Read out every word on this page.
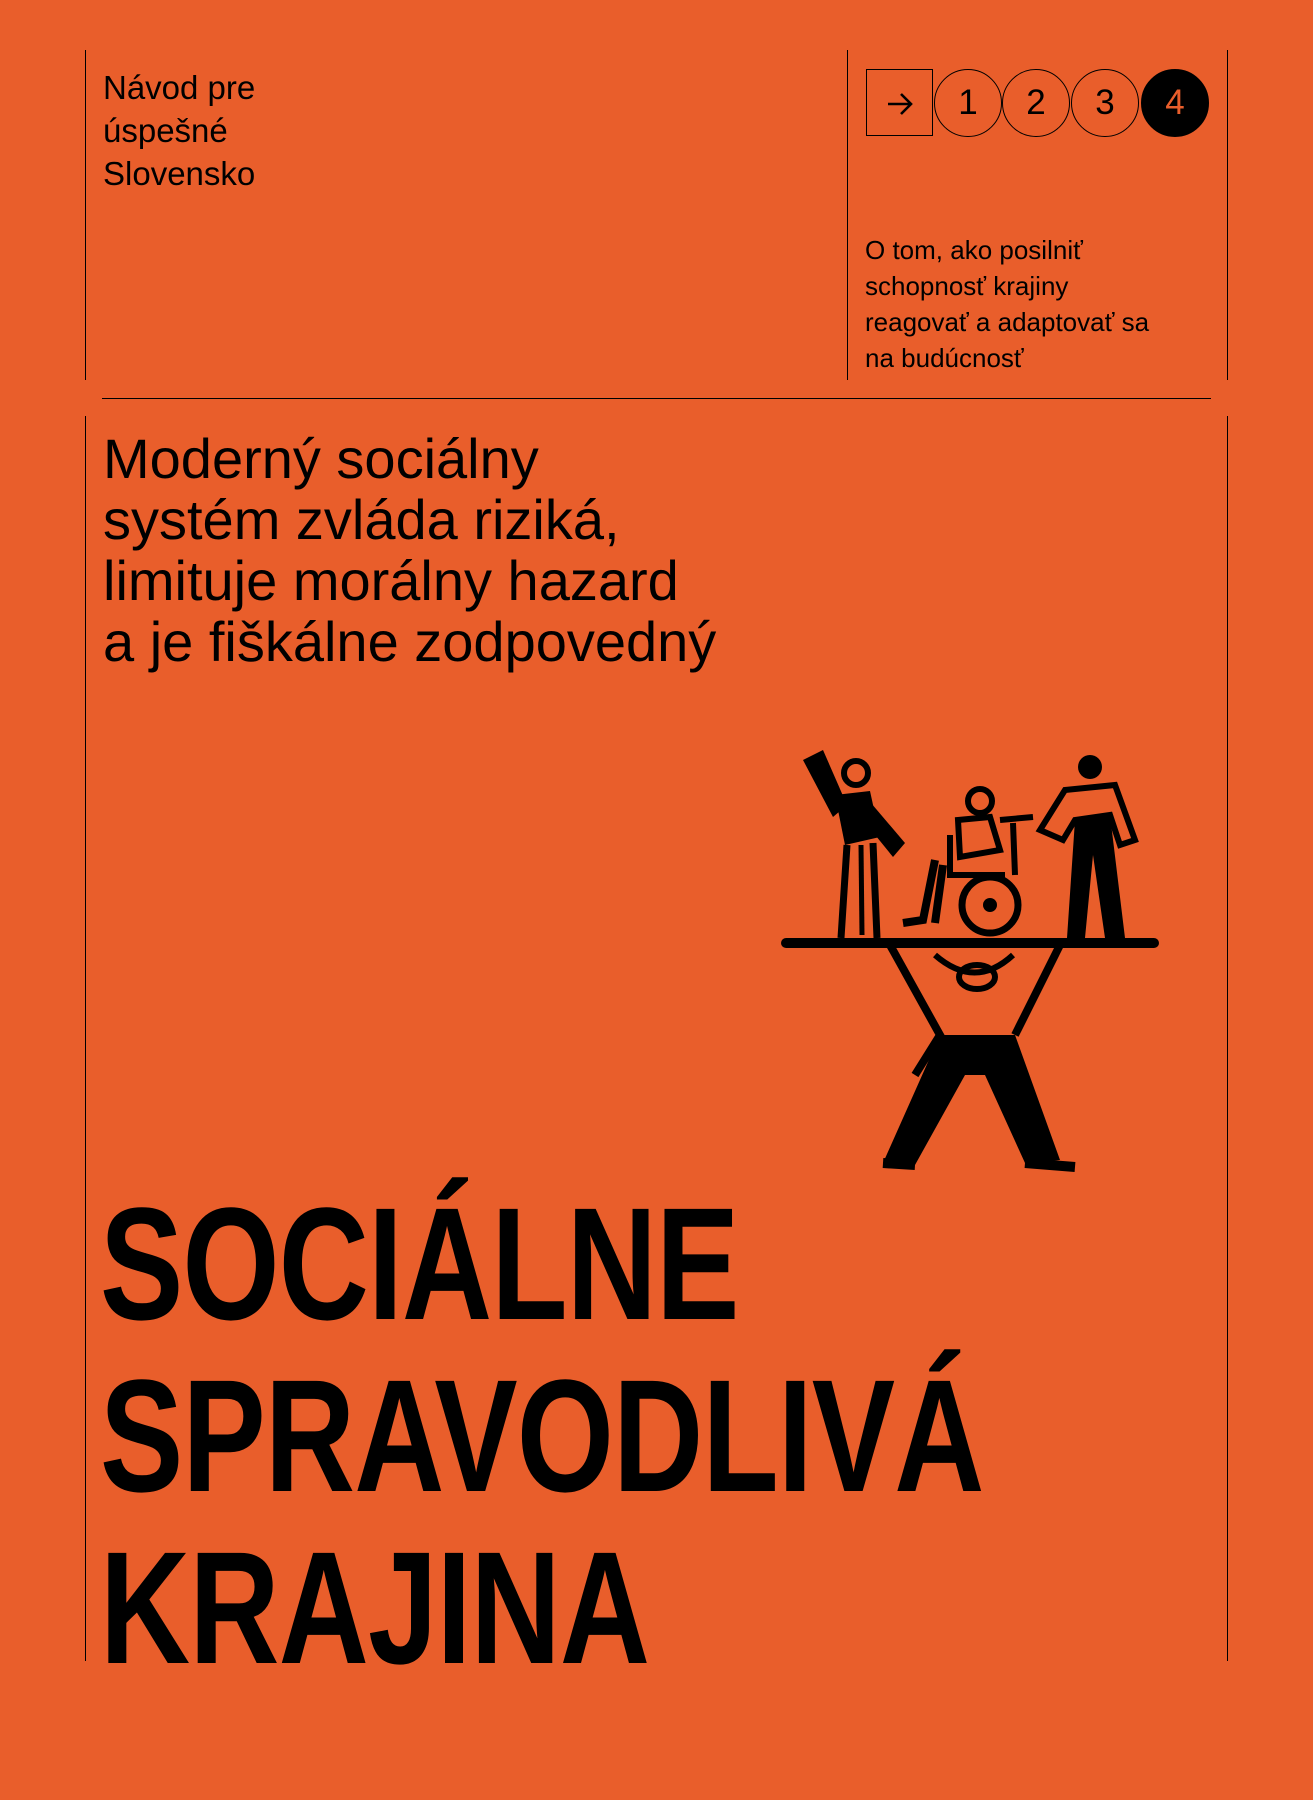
Návod pre
úspešné
Slovensko
1	2	3	4
O tom, ako posilniť
schopnosť krajiny
reagovať a adaptovať sa
na budúcnosť
Moderný sociálny
systém zvláda riziká,
limituje morálny hazard
a je fiškálne zodpovedný
SOCIÁLNE
SPRAVODLIVÁ
KRAJINA
